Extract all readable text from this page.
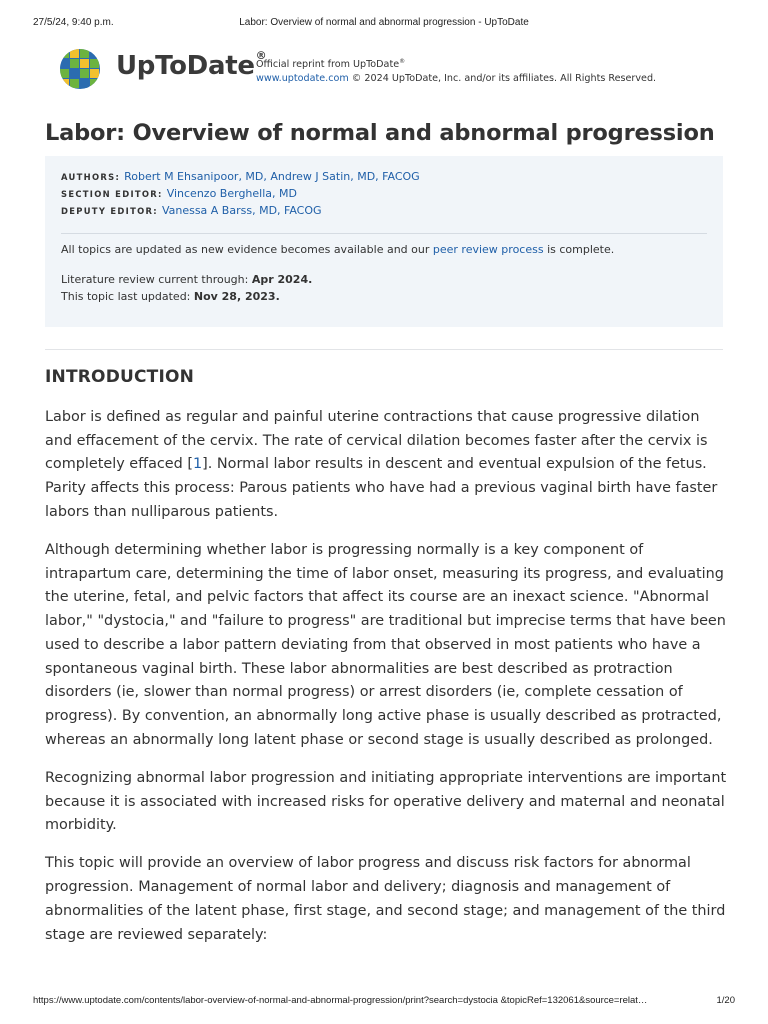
27/5/24, 9:40 p.m.	Labor: Overview of normal and abnormal progression - UpToDate
UpToDate®
Official reprint from UpToDate®
www.uptodate.com © 2024 UpToDate, Inc. and/or its affiliates. All Rights Reserved.
Labor: Overview of normal and abnormal progression
AUTHORS: Robert M Ehsanipoor, MD, Andrew J Satin, MD, FACOG
SECTION EDITOR: Vincenzo Berghella, MD
DEPUTY EDITOR: Vanessa A Barss, MD, FACOG
All topics are updated as new evidence becomes available and our peer review process is complete.
Literature review current through: Apr 2024.
This topic last updated: Nov 28, 2023.
INTRODUCTION

Labor is defined as regular and painful uterine contractions that cause progressive dilation and effacement of the cervix. The rate of cervical dilation becomes faster after the cervix is completely effaced [1]. Normal labor results in descent and eventual expulsion of the fetus. Parity affects this process: Parous patients who have had a previous vaginal birth have faster labors than nulliparous patients.

Although determining whether labor is progressing normally is a key component of intrapartum care, determining the time of labor onset, measuring its progress, and evaluating the uterine, fetal, and pelvic factors that affect its course are an inexact science. "Abnormal labor," "dystocia," and "failure to progress" are traditional but imprecise terms that have been used to describe a labor pattern deviating from that observed in most patients who have a spontaneous vaginal birth. These labor abnormalities are best described as protraction disorders (ie, slower than normal progress) or arrest disorders (ie, complete cessation of progress). By convention, an abnormally long active phase is usually described as protracted, whereas an abnormally long latent phase or second stage is usually described as prolonged.

Recognizing abnormal labor progression and initiating appropriate interventions are important because it is associated with increased risks for operative delivery and maternal and neonatal morbidity.

This topic will provide an overview of labor progress and discuss risk factors for abnormal progression. Management of normal labor and delivery; diagnosis and management of abnormalities of the latent phase, first stage, and second stage; and management of the third stage are reviewed separately:

https://www.uptodate.com/contents/labor-overview-of-normal-and-abnormal-progression/print?search=dystocia &topicRef=132061&source=relat…	1/20
